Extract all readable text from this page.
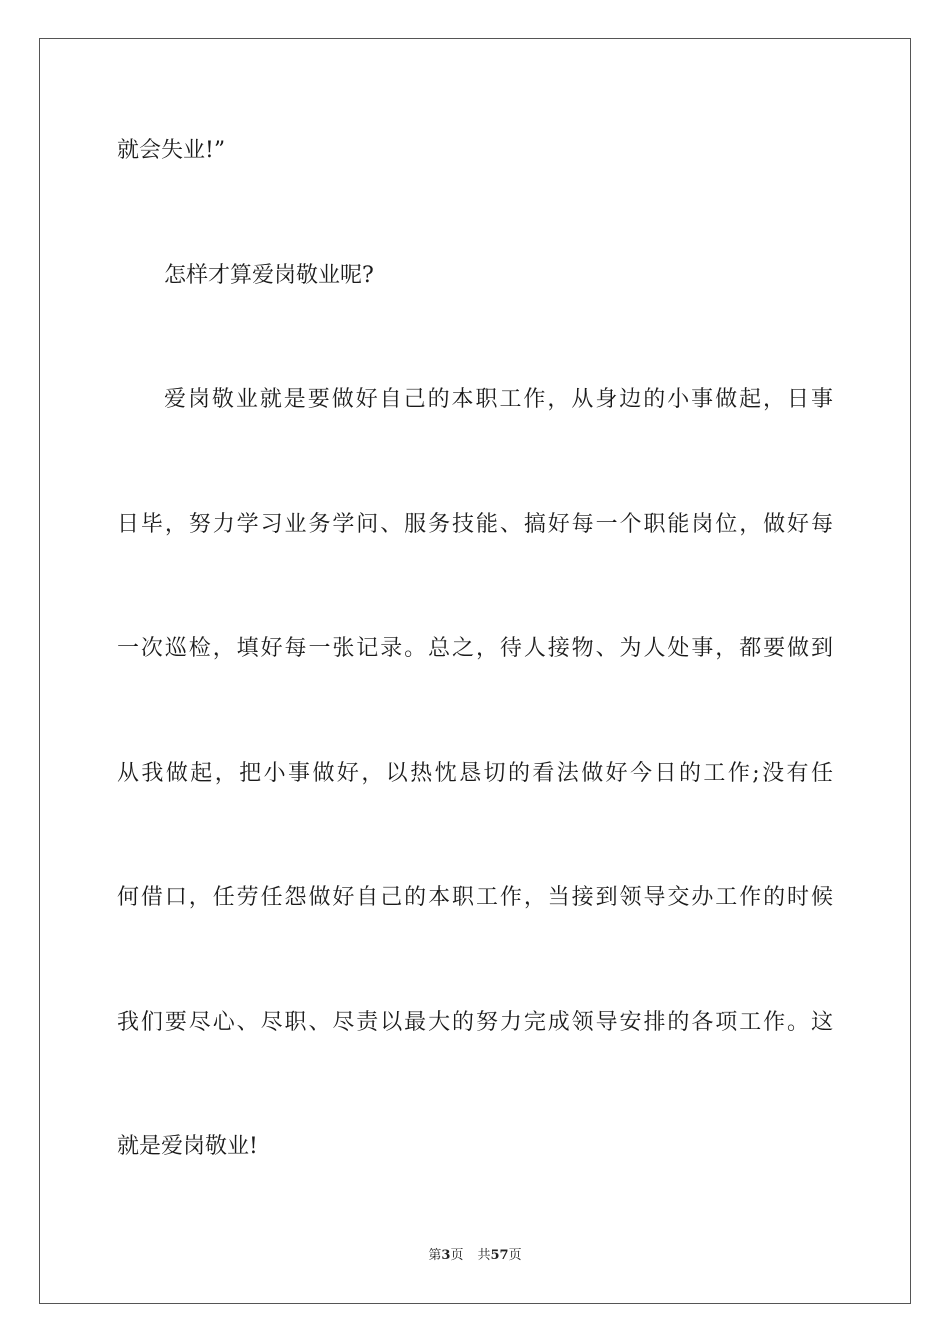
就会失业!”
怎样才算爱岗敬业呢?
爱岗敬业就是要做好自己的本职工作，从身边的小事做起，日事
日毕，努力学习业务学问、服务技能、搞好每一个职能岗位，做好每
一次巡检，填好每一张记录。总之，待人接物、为人处事，都要做到
从我做起，把小事做好，以热忱恳切的看法做好今日的工作;没有任
何借口，任劳任怨做好自己的本职工作，当接到领导交办工作的时候
我们要尽心、尽职、尽责以最大的努力完成领导安排的各项工作。这
就是爱岗敬业!
第3页 共57页
